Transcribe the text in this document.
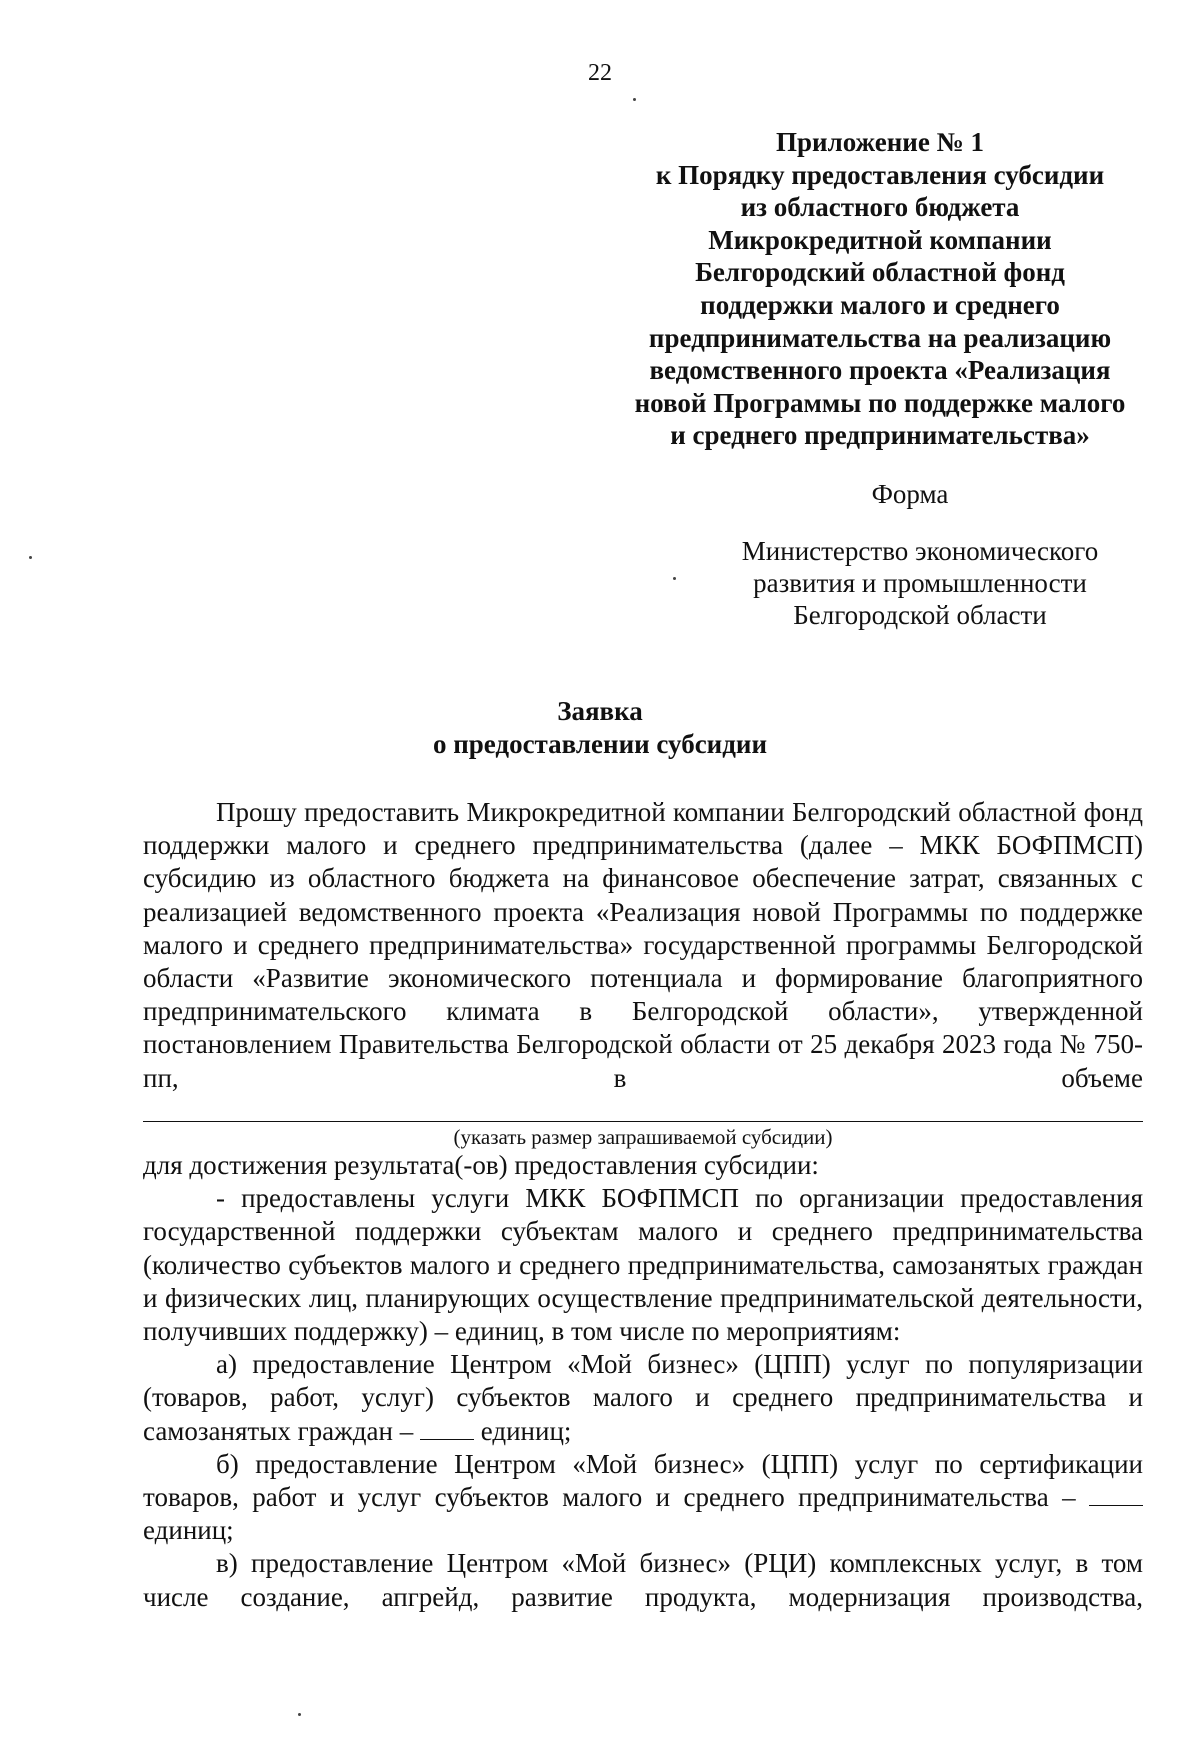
22
Приложение № 1
к Порядку предоставления субсидии
из областного бюджета
Микрокредитной компании
Белгородский областной фонд
поддержки малого и среднего
предпринимательства на реализацию
ведомственного проекта «Реализация
новой Программы по поддержке малого
и среднего предпринимательства»
Форма
Министерство экономического
развития и промышленности
Белгородской области
Заявка
о предоставлении субсидии

Прошу предоставить Микрокредитной компании Белгородский областной фонд поддержки малого и среднего предпринимательства (далее – МКК БОФПМСП) субсидию из областного бюджета на финансовое обеспечение затрат, связанных с реализацией ведомственного проекта «Реализация новой Программы по поддержке малого и среднего предпринимательства» государственной программы Белгородской области «Развитие экономического потенциала и формирование благоприятного предпринимательского климата в Белгородской области», утвержденной постановлением Правительства Белгородской области от 25 декабря 2023 года № 750-пп, в объеме

(указать размер запрашиваемой субсидии)

для достижения результата(-ов) предоставления субсидии:

- предоставлены услуги МКК БОФПМСП по организации предоставления государственной поддержки субъектам малого и среднего предпринимательства (количество субъектов малого и среднего предпринимательства, самозанятых граждан и физических лиц, планирующих осуществление предпринимательской деятельности, получивших поддержку) – единиц, в том числе по мероприятиям:

а) предоставление Центром «Мой бизнес» (ЦПП) услуг по популяризации (товаров, работ, услуг) субъектов малого и среднего предпринимательства и самозанятых граждан –	единиц;

б) предоставление Центром «Мой бизнес» (ЦПП) услуг по сертификации товаров, работ и услуг субъектов малого и среднего предпринимательства –  единиц;

в) предоставление Центром «Мой бизнес» (РЦИ) комплексных услуг, в том числе создание, апгрейд, развитие продукта, модернизация производства,
